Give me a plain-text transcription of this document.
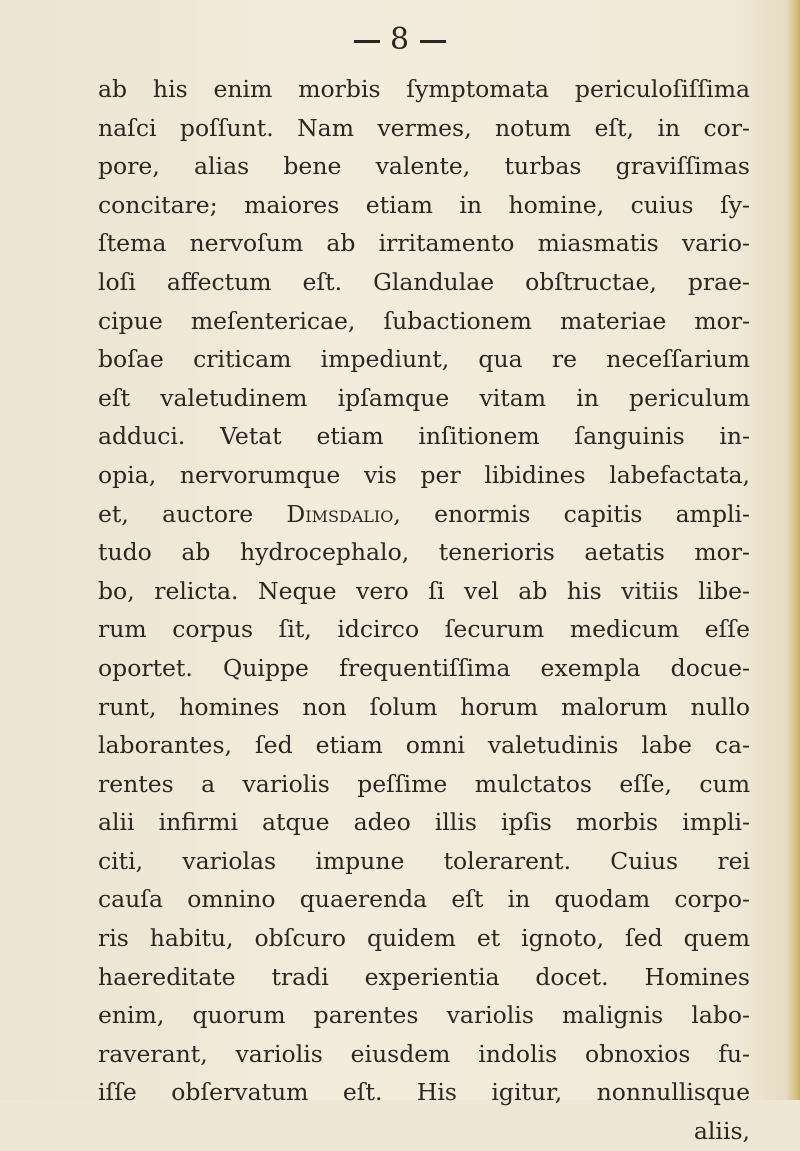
8
ab his enim morbis ſymptomata periculoſiſſima
naſci poſſunt. Nam vermes, notum eſt, in cor-
pore, alias bene valente, turbas graviſſimas
concitare; maiores etiam in homine, cuius ſy-
ſtema nervoſum ab irritamento miasmatis vario-
loſi affectum eſt. Glandulae obſtructae, prae-
cipue meſentericae, ſubactionem materiae mor-
boſae criticam impediunt, qua re neceſſarium
eſt valetudinem ipſamque vitam in periculum
adduci. Vetat etiam inſitionem ſanguinis in-
opia, nervorumque vis per libidines labefactata,
et, auctore Dimsdalio, enormis capitis ampli-
tudo ab hydrocephalo, tenerioris aetatis mor-
bo, relicta. Neque vero ſi vel ab his vitiis libe-
rum corpus ſit, idcirco ſecurum medicum eſſe
oportet. Quippe frequentiſſima exempla docue-
runt, homines non ſolum horum malorum nullo
laborantes, ſed etiam omni valetudinis labe ca-
rentes a variolis peſſime mulctatos eſſe, cum
alii infirmi atque adeo illis ipſis morbis impli-
citi, variolas impune tolerarent. Cuius rei
cauſa omnino quaerenda eſt in quodam corpo-
ris habitu, obſcuro quidem et ignoto, ſed quem
haereditate tradi experientia docet. Homines
enim, quorum parentes variolis malignis labo-
raverant, variolis eiusdem indolis obnoxios fu-
iſſe obſervatum eſt. His igitur, nonnullisque
aliis,
